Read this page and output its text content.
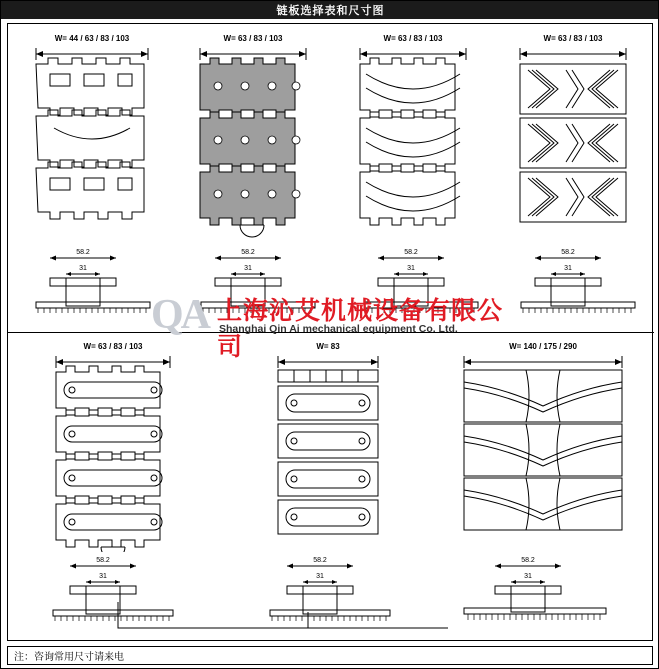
链板选择表和尺寸图
W= 44 / 63 / 83 / 103
58.2
31
W= 63 / 83 / 103
58.2
31
W= 63 / 83 / 103
58.2
31
W= 63 / 83 / 103
58.2
31
W= 63 / 83 / 103
58.2
31
W= 83
58.2
31
W= 140 / 175 / 290
58.2
31
QA 上海沁艾机械设备有限公司
Shanghai Qin Ai mechanical equipment Co. Ltd.
注：咨询常用尺寸请来电
